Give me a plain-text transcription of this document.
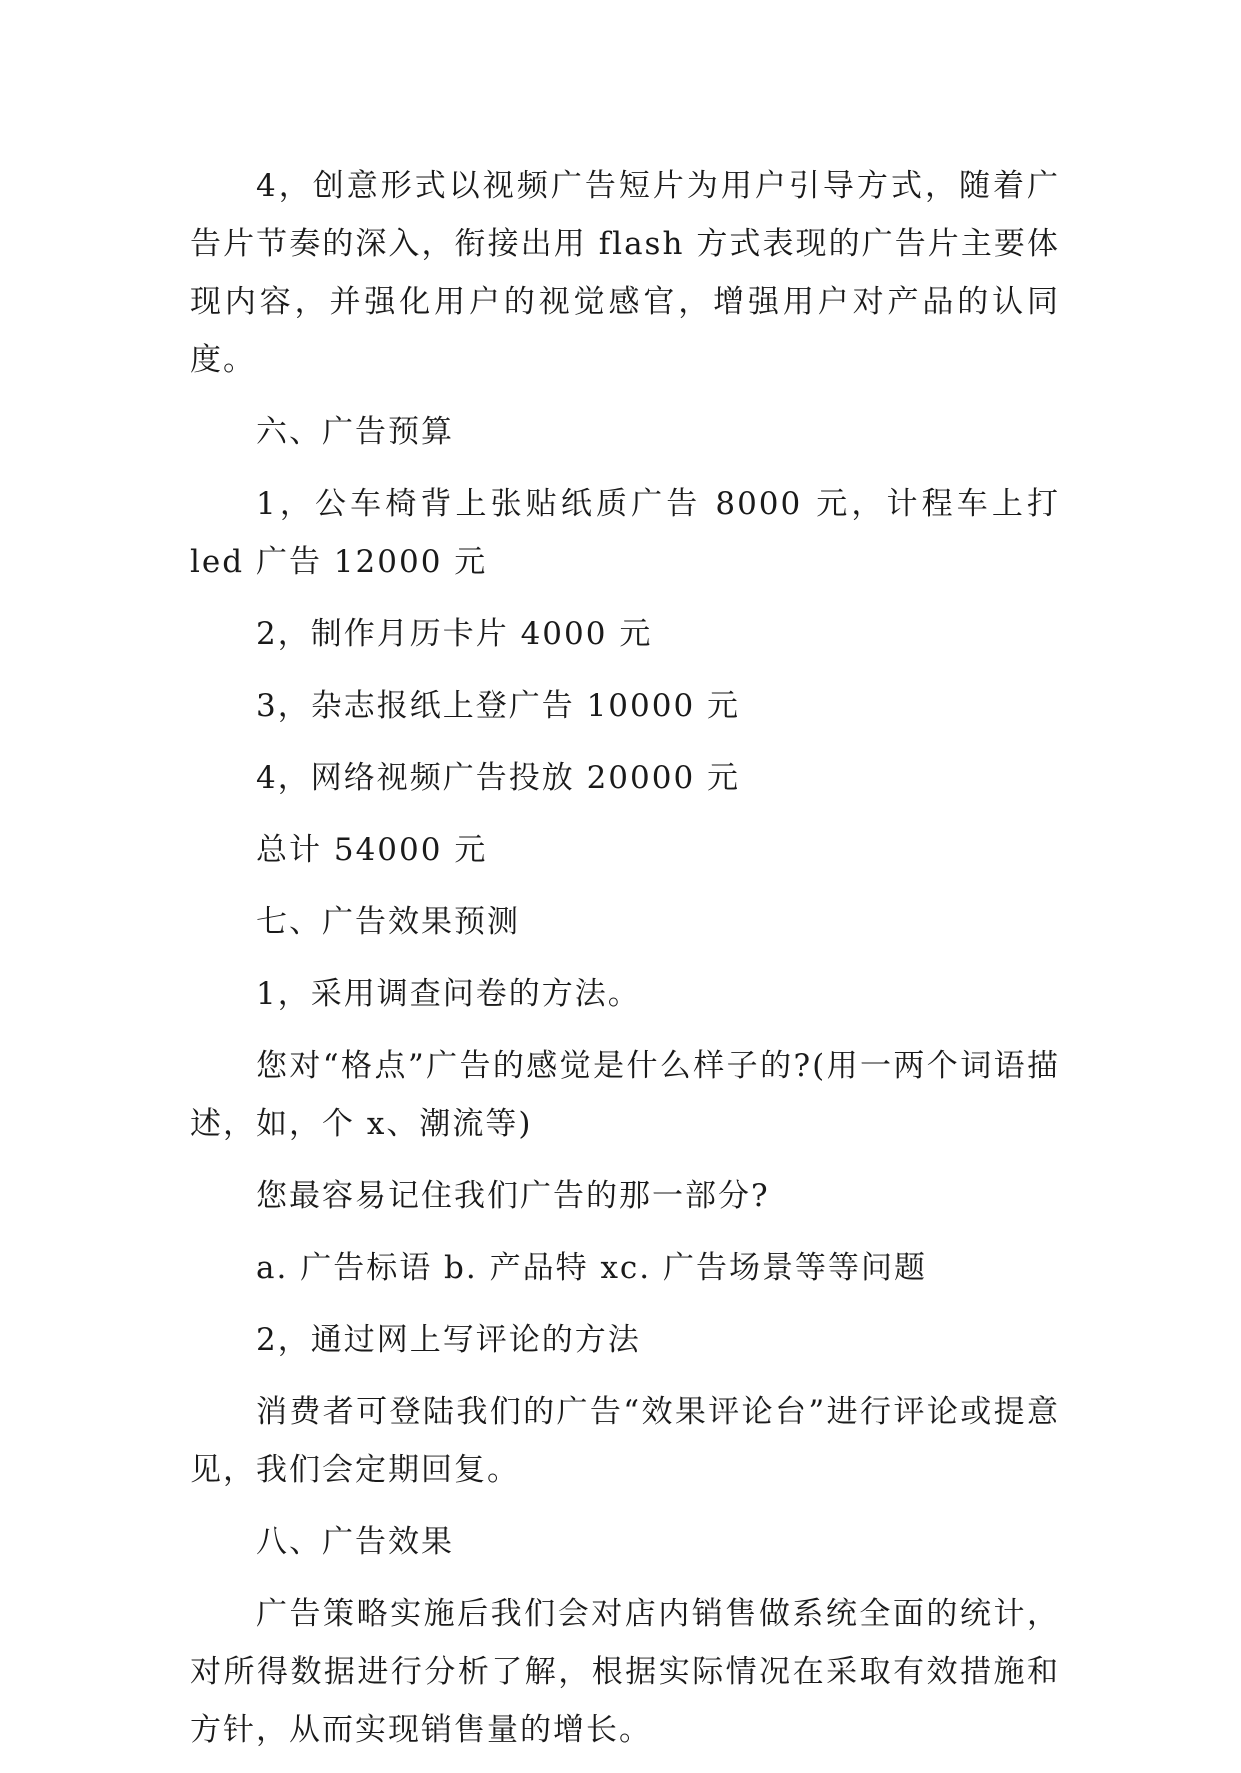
4，创意形式以视频广告短片为用户引导方式，随着广告片节奏的深入，衔接出用 flash 方式表现的广告片主要体现内容，并强化用户的视觉感官，增强用户对产品的认同度。

六、广告预算

1，公车椅背上张贴纸质广告 8000 元，计程车上打 led 广告 12000 元

2，制作月历卡片 4000 元

3，杂志报纸上登广告 10000 元

4，网络视频广告投放 20000 元

总计 54000 元

七、广告效果预测

1，采用调查问卷的方法。

您对“格点”广告的感觉是什么样子的?(用一两个词语描述，如，个 x、潮流等)

您最容易记住我们广告的那一部分?

a. 广告标语 b. 产品特 xc. 广告场景等等问题

2，通过网上写评论的方法

消费者可登陆我们的广告“效果评论台”进行评论或提意见，我们会定期回复。

八、广告效果

广告策略实施后我们会对店内销售做系统全面的统计，对所得数据进行分析了解，根据实际情况在采取有效措施和方针，从而实现销售量的增长。
